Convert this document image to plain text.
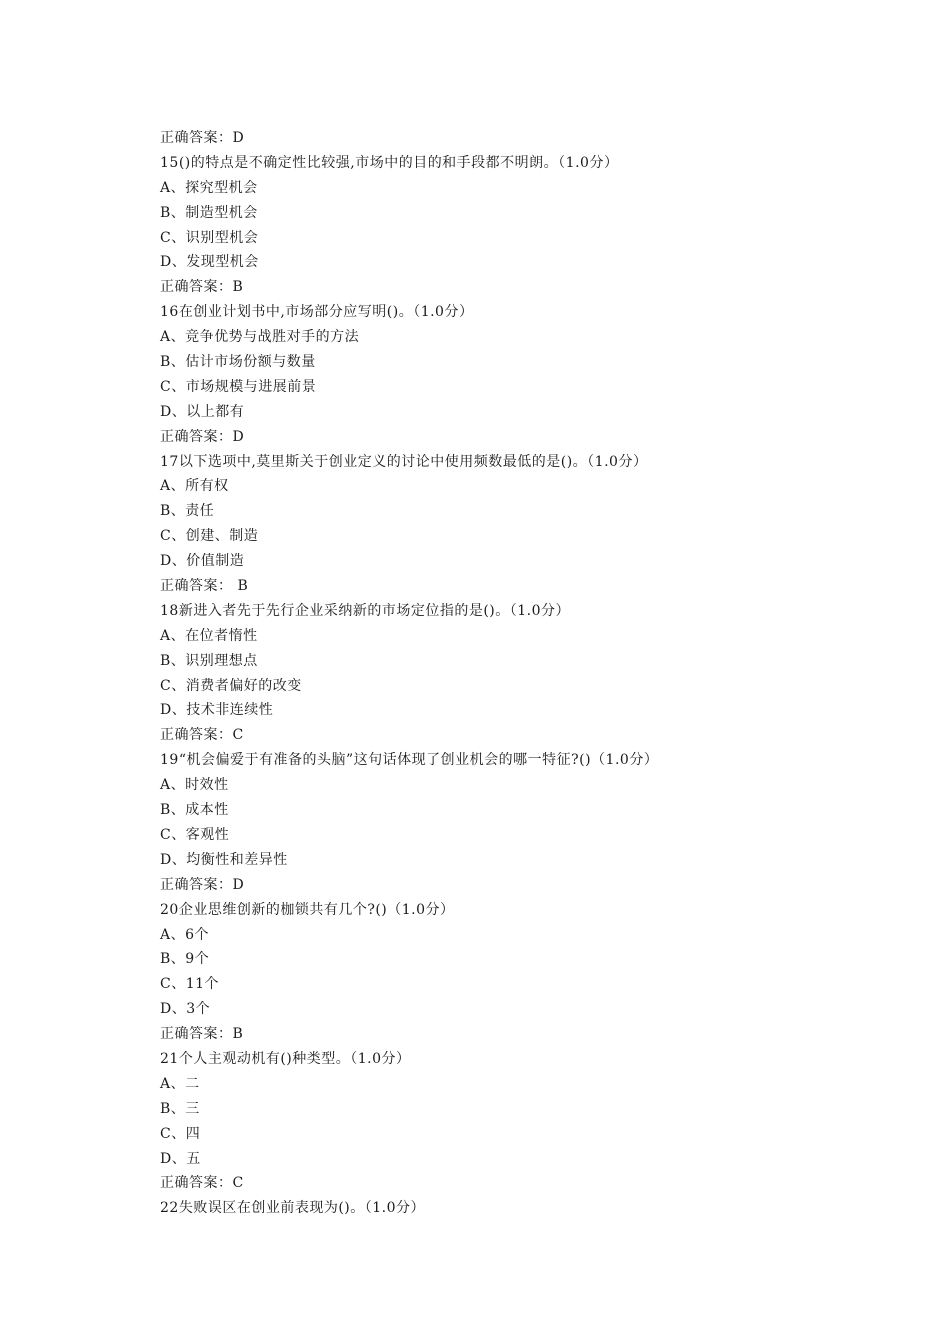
正确答案：D
15()的特点是不确定性比较强,市场中的目的和手段都不明朗。（1.0分）
A、探究型机会
B、制造型机会
C、识别型机会
D、发现型机会
正确答案：B
16在创业计划书中,市场部分应写明()。（1.0分）
A、竞争优势与战胜对手的方法
B、估计市场份额与数量
C、市场规模与进展前景
D、以上都有
正确答案：D
17以下选项中,莫里斯关于创业定义的讨论中使用频数最低的是()。（1.0分）
A、所有权
B、责任
C、创建、制造
D、价值制造
正确答案： B
18新进入者先于先行企业采纳新的市场定位指的是()。（1.0分）
A、在位者惰性
B、识别理想点
C、消费者偏好的改变
D、技术非连续性
正确答案：C
19“机会偏爱于有准备的头脑”这句话体现了创业机会的哪一特征?()（1.0分）
A、时效性
B、成本性
C、客观性
D、均衡性和差异性
正确答案：D
20企业思维创新的枷锁共有几个?()（1.0分）
A、6个
B、9个
C、11个
D、3个
正确答案：B
21个人主观动机有()种类型。（1.0分）
A、二
B、三
C、四
D、五
正确答案：C
22失败误区在创业前表现为()。（1.0分）
